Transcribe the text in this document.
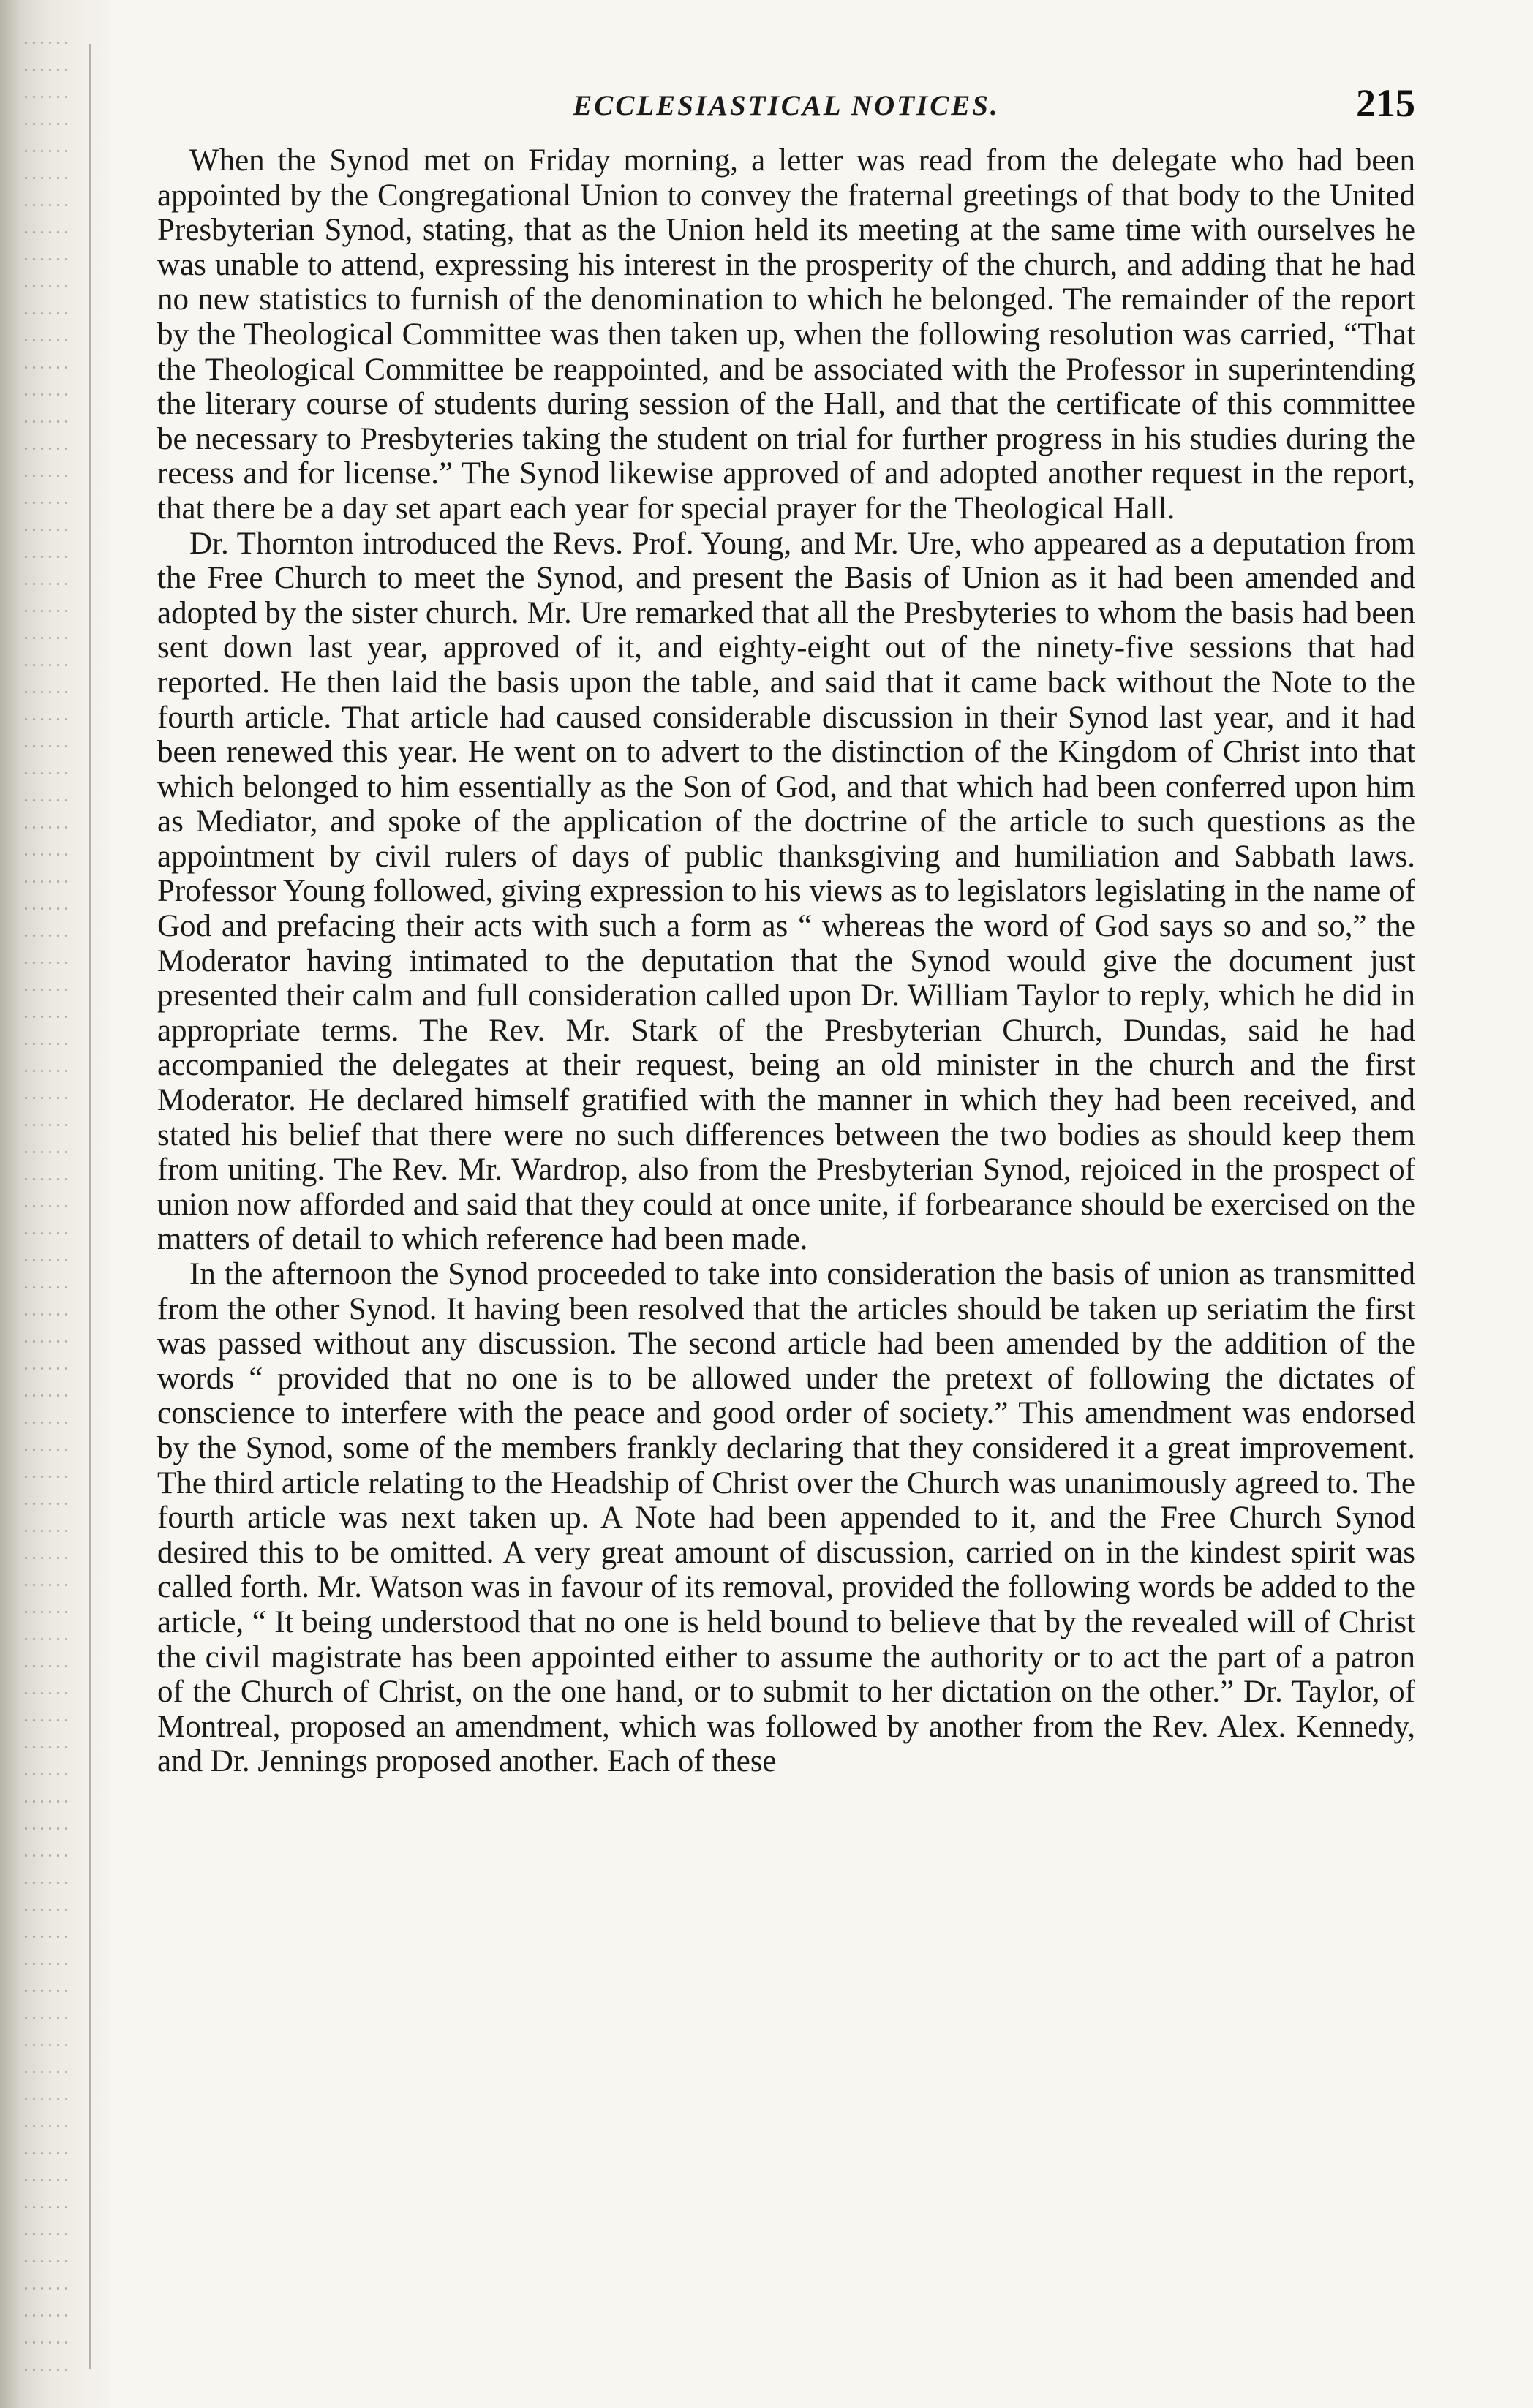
ECCLESIASTICAL NOTICES.	215

When the Synod met on Friday morning, a letter was read from the delegate who had been appointed by the Congregational Union to convey the fraternal greetings of that body to the United Presbyterian Synod, stating, that as the Union held its meeting at the same time with ourselves he was unable to attend, expressing his interest in the prosperity of the church, and adding that he had no new statistics to furnish of the denomination to which he belonged. The remainder of the report by the Theological Committee was then taken up, when the following resolution was carried, “That the Theological Committee be reappointed, and be associated with the Professor in superintending the literary course of students during session of the Hall, and that the certificate of this committee be necessary to Presbyteries taking the student on trial for further progress in his studies during the recess and for license.” The Synod likewise approved of and adopted another request in the report, that there be a day set apart each year for special prayer for the Theological Hall.

Dr. Thornton introduced the Revs. Prof. Young, and Mr. Ure, who appeared as a deputation from the Free Church to meet the Synod, and present the Basis of Union as it had been amended and adopted by the sister church. Mr. Ure remarked that all the Presbyteries to whom the basis had been sent down last year, approved of it, and eighty-eight out of the ninety-five sessions that had reported. He then laid the basis upon the table, and said that it came back without the Note to the fourth article. That article had caused considerable discussion in their Synod last year, and it had been renewed this year. He went on to advert to the distinction of the Kingdom of Christ into that which belonged to him essentially as the Son of God, and that which had been conferred upon him as Mediator, and spoke of the application of the doctrine of the article to such questions as the appointment by civil rulers of days of public thanksgiving and humiliation and Sabbath laws. Professor Young followed, giving expression to his views as to legislators legislating in the name of God and prefacing their acts with such a form as “ whereas the word of God says so and so,” the Moderator having intimated to the deputation that the Synod would give the document just presented their calm and full consideration called upon Dr. William Taylor to reply, which he did in appropriate terms. The Rev. Mr. Stark of the Presbyterian Church, Dundas, said he had accompanied the delegates at their request, being an old minister in the church and the first Moderator. He declared himself gratified with the manner in which they had been received, and stated his belief that there were no such differences between the two bodies as should keep them from uniting. The Rev. Mr. Wardrop, also from the Presbyterian Synod, rejoiced in the prospect of union now afforded and said that they could at once unite, if forbearance should be exercised on the matters of detail to which reference had been made.

In the afternoon the Synod proceeded to take into consideration the basis of union as transmitted from the other Synod. It having been resolved that the articles should be taken up seriatim the first was passed without any discussion. The second article had been amended by the addition of the words “ provided that no one is to be allowed under the pretext of following the dictates of conscience to interfere with the peace and good order of society.” This amendment was endorsed by the Synod, some of the members frankly declaring that they considered it a great improvement. The third article relating to the Headship of Christ over the Church was unanimously agreed to. The fourth article was next taken up. A Note had been appended to it, and the Free Church Synod desired this to be omitted. A very great amount of discussion, carried on in the kindest spirit was called forth. Mr. Watson was in favour of its removal, provided the following words be added to the article, “ It being understood that no one is held bound to believe that by the revealed will of Christ the civil magistrate has been appointed either to assume the authority or to act the part of a patron of the Church of Christ, on the one hand, or to submit to her dictation on the other.” Dr. Taylor, of Montreal, proposed an amendment, which was followed by another from the Rev. Alex. Kennedy, and Dr. Jennings proposed another. Each of these
